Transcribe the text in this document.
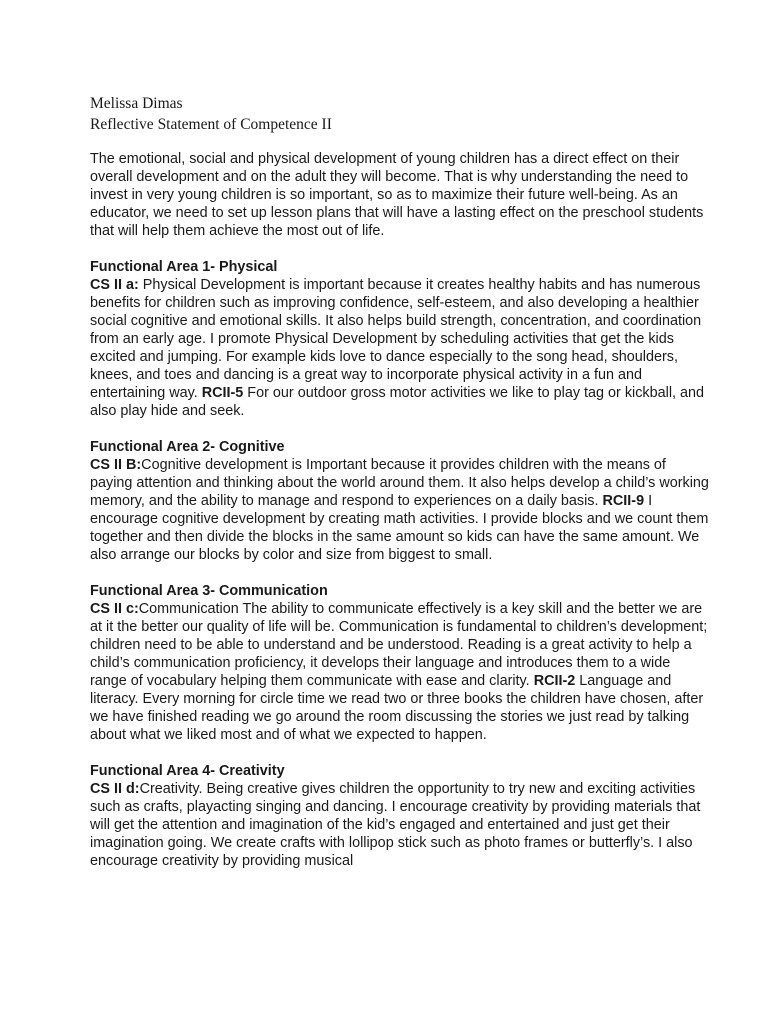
Melissa Dimas
Reflective Statement of Competence II

The emotional, social and physical development of young children has a direct effect on their overall development and on the adult they will become. That is why understanding the need to invest in very young children is so important, so as to maximize their future well-being. As an educator, we need to set up lesson plans that will have a lasting effect on the preschool students that will help them achieve the most out of life.

Functional Area 1- Physical
CS II a: Physical Development is important because it creates healthy habits and has numerous benefits for children such as improving confidence, self-esteem, and also developing a healthier social cognitive and emotional skills. It also helps build strength, concentration, and coordination from an early age. I promote Physical Development by scheduling activities that get the kids excited and jumping. For example kids love to dance especially to the song head, shoulders, knees, and toes and dancing is a great way to incorporate physical activity in a fun and entertaining way. RCII-5 For our outdoor gross motor activities we like to play tag or kickball, and also play hide and seek.
Functional Area 2- Cognitive
CS II B:Cognitive development is Important because it provides children with the means of paying attention and thinking about the world around them. It also helps develop a child’s working memory, and the ability to manage and respond to experiences on a daily basis. RCII-9 I encourage cognitive development by creating math activities. I provide blocks and we count them together and then divide the blocks in the same amount so kids can have the same amount. We also arrange our blocks by color and size from biggest to small.
Functional Area 3- Communication
CS II c:Communication The ability to communicate effectively is a key skill and the better we are at it the better our quality of life will be. Communication is fundamental to children’s development; children need to be able to understand and be understood. Reading is a great activity to help a child’s communication proficiency, it develops their language and introduces them to a wide range of vocabulary helping them communicate with ease and clarity. RCII-2 Language and literacy. Every morning for circle time we read two or three books the children have chosen, after we have finished reading we go around the room discussing the stories we just read by talking about what we liked most and of what we expected to happen.
Functional Area 4- Creativity
CS II d:Creativity. Being creative gives children the opportunity to try new and exciting activities such as crafts, playacting singing and dancing. I encourage creativity by providing materials that will get the attention and imagination of the kid’s engaged and entertained and just get their imagination going. We create crafts with lollipop stick such as photo frames or butterfly’s. I also encourage creativity by providing musical
